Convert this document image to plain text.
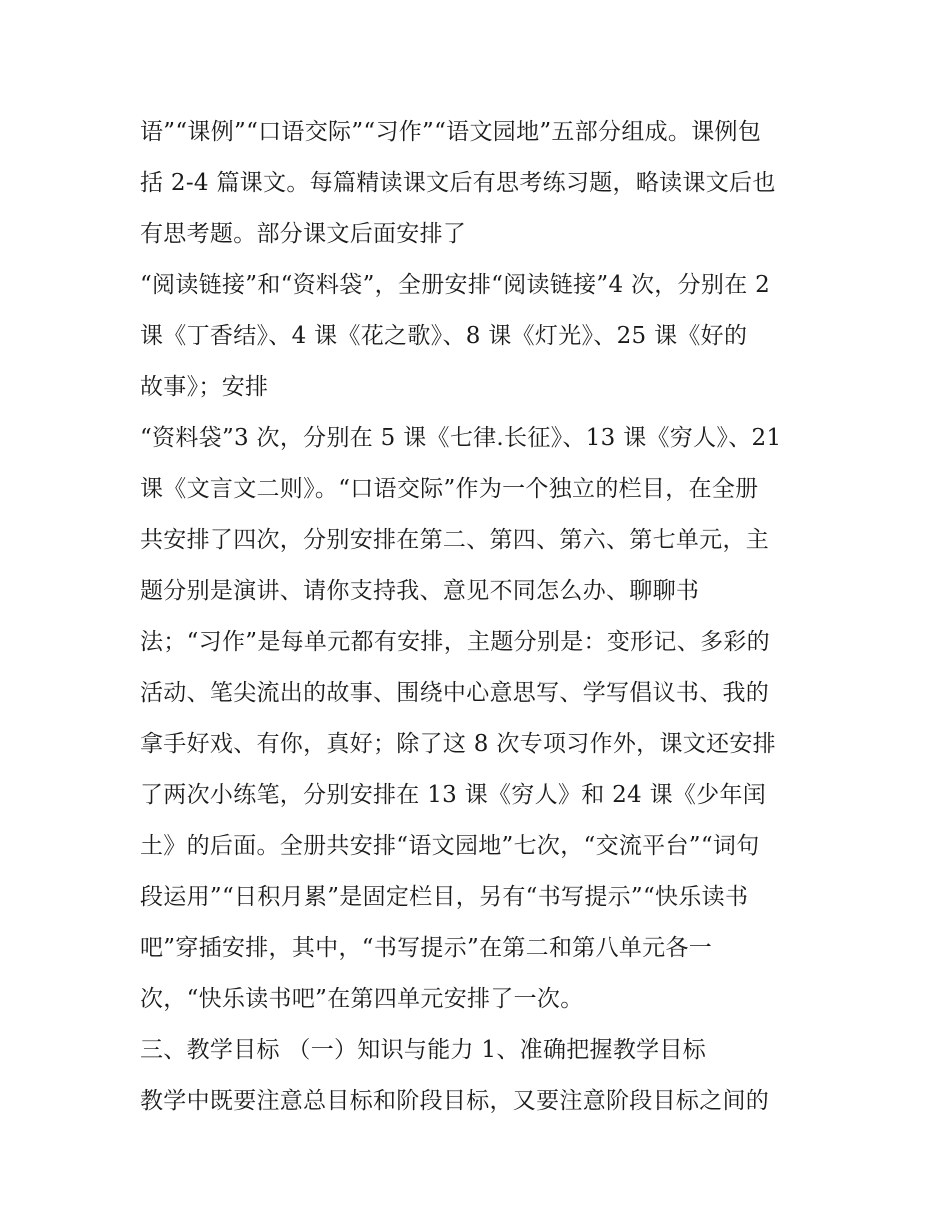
语”“课例”“口语交际”“习作”“语文园地”五部分组成。课例包
括 2-4 篇课文。每篇精读课文后有思考练习题，略读课文后也
有思考题。部分课文后面安排了
“阅读链接”和“资料袋”，全册安排“阅读链接”4 次，分别在 2
课《丁香结》、4 课《花之歌》、8 课《灯光》、25 课《好的
故事》；安排
“资料袋”3 次，分别在 5 课《七律.长征》、13 课《穷人》、21
课《文言文二则》。“口语交际”作为一个独立的栏目，在全册
共安排了四次，分别安排在第二、第四、第六、第七单元，主
题分别是演讲、请你支持我、意见不同怎么办、聊聊书
法；“习作”是每单元都有安排，主题分别是：变形记、多彩的
活动、笔尖流出的故事、围绕中心意思写、学写倡议书、我的
拿手好戏、有你，真好；除了这 8 次专项习作外，课文还安排
了两次小练笔，分别安排在 13 课《穷人》和 24 课《少年闰
土》的后面。全册共安排“语文园地”七次，“交流平台”“词句
段运用”“日积月累”是固定栏目，另有“书写提示”“快乐读书
吧”穿插安排，其中，“书写提示”在第二和第八单元各一
次，“快乐读书吧”在第四单元安排了一次。
三、教学目标 （一）知识与能力 1、准确把握教学目标
教学中既要注意总目标和阶段目标，又要注意阶段目标之间的
